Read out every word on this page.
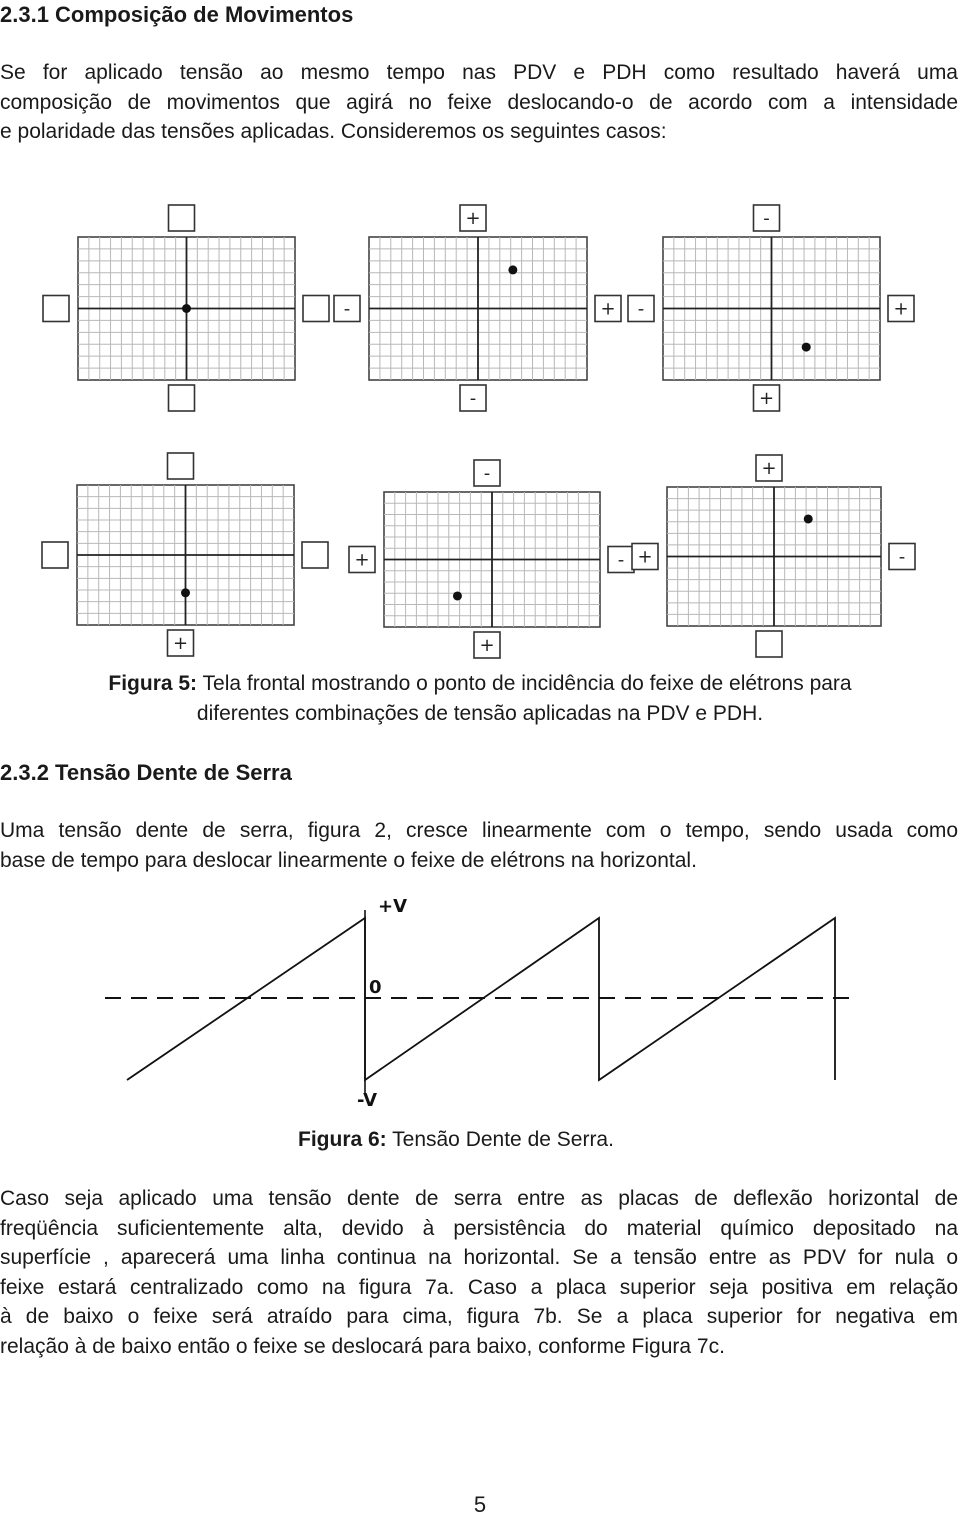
2.3.1 Composição de Movimentos
Se for aplicado tensão ao mesmo tempo nas PDV e PDH como resultado haverá uma
composição de movimentos que agirá no feixe deslocando-o de acordo com a intensidade
e polaridade das tensões aplicadas. Consideremos os seguintes casos:
+
-
-	+
-
+
-	+
+
-
+
+	-
+
+	-
Figura 5: Tela frontal mostrando o ponto de incidência do feixe de elétrons para
diferentes combinações de tensão aplicadas na PDV e PDH.
2.3.2 Tensão Dente de Serra
Uma tensão dente de serra, figura 2, cresce linearmente com o tempo, sendo usada como
base de tempo para deslocar linearmente o feixe de elétrons na horizontal.
+V
0
-V
Figura 6: Tensão Dente de Serra.
Caso seja aplicado uma tensão dente de serra entre as placas de deflexão horizontal de
freqüência suficientemente alta, devido à persistência do material químico depositado na
superfície , aparecerá uma linha continua na horizontal. Se a tensão entre as PDV for nula o
feixe estará centralizado como na figura 7a. Caso a placa superior seja positiva em relação
à de baixo o feixe será atraído para cima, figura 7b. Se a placa superior for negativa em
relação à de baixo então o feixe se deslocará para baixo, conforme Figura 7c.
5
